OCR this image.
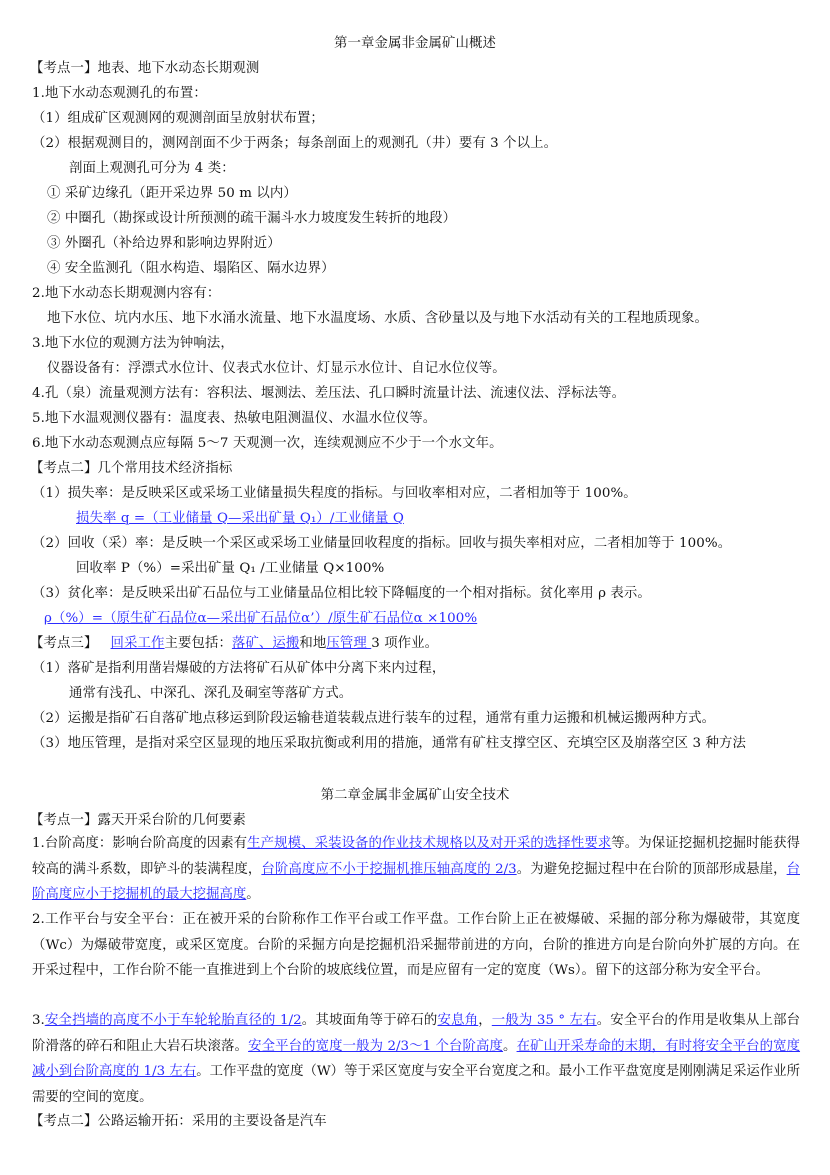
第一章金属非金属矿山概述
【考点一】地表、地下水动态长期观测
1.地下水动态观测孔的布置：
（1）组成矿区观测网的观测剖面呈放射状布置；
（2）根据观测目的，测网剖面不少于两条；每条剖面上的观测孔（井）要有 3 个以上。
剖面上观测孔可分为 4 类：
① 采矿边缘孔（距开采边界 50 m 以内）
② 中圈孔（勘探或设计所预测的疏干漏斗水力坡度发生转折的地段）
③ 外圈孔（补给边界和影响边界附近）
④ 安全监测孔（阻水构造、塌陷区、隔水边界）
2.地下水动态长期观测内容有：
地下水位、坑内水压、地下水涌水流量、地下水温度场、水质、含砂量以及与地下水活动有关的工程地质现象。
3.地下水位的观测方法为钟响法，
仪器设备有：浮漂式水位计、仪表式水位计、灯显示水位计、自记水位仪等。
4.孔（泉）流量观测方法有：容积法、堰测法、差压法、孔口瞬时流量计法、流速仪法、浮标法等。
5.地下水温观测仪器有：温度表、热敏电阻测温仪、水温水位仪等。
6.地下水动态观测点应每隔 5～7 天观测一次，连续观测应不少于一个水文年。
【考点二】几个常用技术经济指标
（1）损失率：是反映采区或采场工业储量损失程度的指标。与回收率相对应，二者相加等于 100%。
损失率 q =（工业储量 Q—采出矿量 Q₁）/工业储量 Q
（2）回收（采）率：是反映一个采区或采场工业储量回收程度的指标。回收与损失率相对应，二者相加等于 100%。
回收率 P（%）=采出矿量 Q₁ /工业储量 Q×100%
（3）贫化率：是反映采出矿石品位与工业储量品位相比较下降幅度的一个相对指标。贫化率用 ρ 表示。
ρ（%）=（原生矿石品位α—采出矿石品位α’）/原生矿石品位α ×100%
【考点三】 回采工作主要包括：落矿、运搬和地压管理 3 项作业。
（1）落矿是指利用凿岩爆破的方法将矿石从矿体中分离下来内过程，
通常有浅孔、中深孔、深孔及硐室等落矿方式。
（2）运搬是指矿石自落矿地点移运到阶段运输巷道装载点进行装车的过程，通常有重力运搬和机械运搬两种方式。
（3）地压管理，是指对采空区显现的地压采取抗衡或利用的措施，通常有矿柱支撑空区、充填空区及崩落空区 3 种方法
第二章金属非金属矿山安全技术
【考点一】露天开采台阶的几何要素
1.台阶高度：影响台阶高度的因素有生产规模、采装设备的作业技术规格以及对开采的选择性要求等。为保证挖掘机挖掘时能获得较高的满斗系数，即铲斗的装满程度，台阶高度应不小于挖掘机推压轴高度的 2/3。为避免挖掘过程中在台阶的顶部形成悬崖，台阶高度应小于挖掘机的最大挖掘高度。
2.工作平台与安全平台：正在被开采的台阶称作工作平台或工作平盘。工作台阶上正在被爆破、采掘的部分称为爆破带，其宽度（Wc）为爆破带宽度，或采区宽度。台阶的采掘方向是挖掘机沿采掘带前进的方向，台阶的推进方向是台阶向外扩展的方向。在开采过程中，工作台阶不能一直推进到上个台阶的坡底线位置，而是应留有一定的宽度（Ws）。留下的这部分称为安全平台。
3.安全挡墙的高度不小于车轮轮胎直径的 1/2。其坡面角等于碎石的安息角，一般为 35 ° 左右。安全平台的作用是收集从上部台阶滑落的碎石和阻止大岩石块滚落。安全平台的宽度一般为 2/3～1 个台阶高度。在矿山开采寿命的末期，有时将安全平台的宽度减小到台阶高度的 1/3 左右。工作平盘的宽度（W）等于采区宽度与安全平台宽度之和。最小工作平盘宽度是刚刚满足采运作业所需要的空间的宽度。
【考点二】公路运输开拓：采用的主要设备是汽车
